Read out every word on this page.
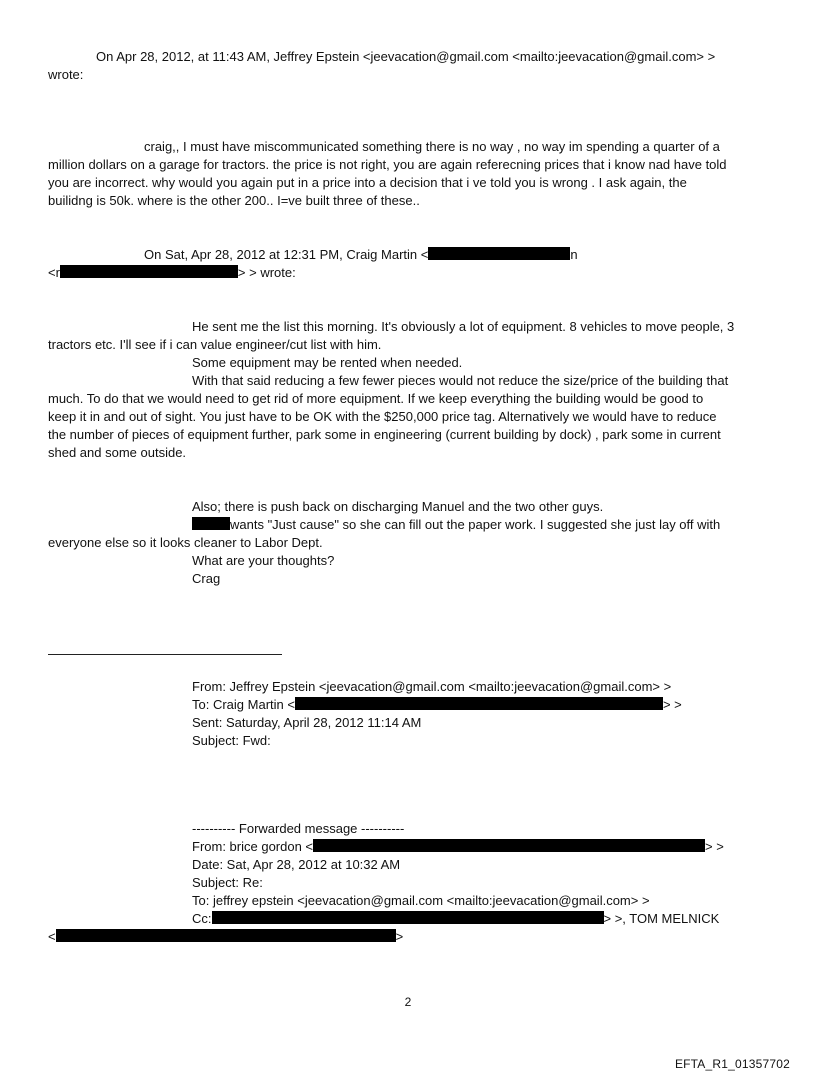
On Apr 28, 2012, at 11:43 AM, Jeffrey Epstein <jeevacation@gmail.com <mailto:jeevacation@gmail.com> >
wrote:
craig,, I must have miscommunicated something there is no way , no way im spending a quarter of a
million dollars on a garage for tractors. the price is not right, you are again referecning prices that i know nad have told
you are incorrect. why would you again put in a price into a decision that i ve told you is wrong . I ask again, the
builidng is 50k. where is the other 200.. I=ve built three of these..
On Sat, Apr 28, 2012 at 12:31 PM, Craig Martin <	n
<r	> > wrote:
He sent me the list this morning. It's obviously a lot of equipment. 8 vehicles to move people, 3
tractors etc. I'll see if i can value engineer/cut list with him.
Some equipment may be rented when needed.
With that said reducing a few fewer pieces would not reduce the size/price of the building that
much. To do that we would need to get rid of more equipment. If we keep everything the building would be good to
keep it in and out of sight. You just have to be OK with the $250,000 price tag. Alternatively we would have to reduce
the number of pieces of equipment further, park some in engineering (current building by dock) , park some in current
shed and some outside.
Also; there is push back on discharging Manuel and the two other guys.
wants "Just cause" so she can fill out the paper work. I suggested she just lay off with
everyone else so it looks cleaner to Labor Dept.
What are your thoughts?
Crag
From: Jeffrey Epstein <jeevacation@gmail.com <mailto:jeevacation@gmail.com> >
To: Craig Martin <	> >
Sent: Saturday, April 28, 2012 11:14 AM
Subject: Fwd:
---------- Forwarded message ----------
From: brice gordon <	> >
Date: Sat, Apr 28, 2012 at 10:32 AM
Subject: Re:
To: jeffrey epstein <jeevacation@gmail.com <mailto:jeevacation@gmail.com> >
Cc:	> >, TOM MELNICK
<	>
2
EFTA_R1_01357702
